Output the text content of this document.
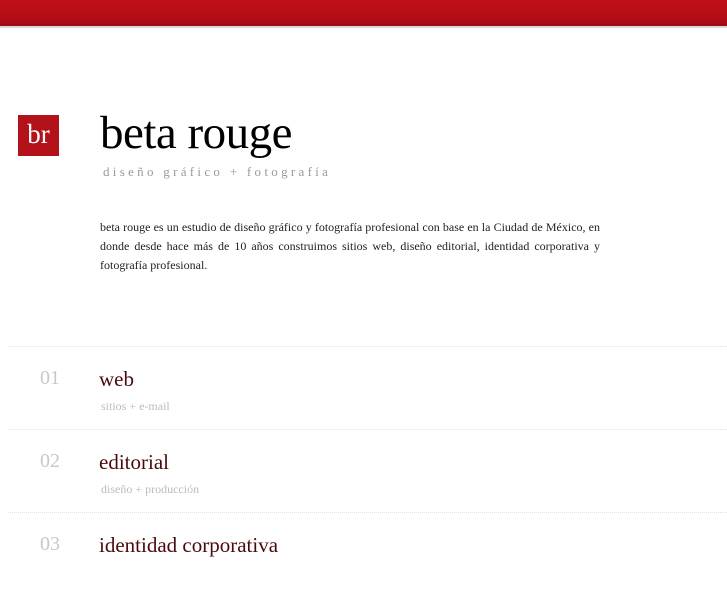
br beta rouge
diseño gráfico + fotografía

beta rouge es un estudio de diseño gráfico y fotografía profesional con base en la Ciudad de México, en donde desde hace más de 10 años construimos sitios web, diseño editorial, identidad corporativa y fotografía profesional.

01 web
sitios + e-mail
02 editorial
diseño + producción
03 identidad corporativa
